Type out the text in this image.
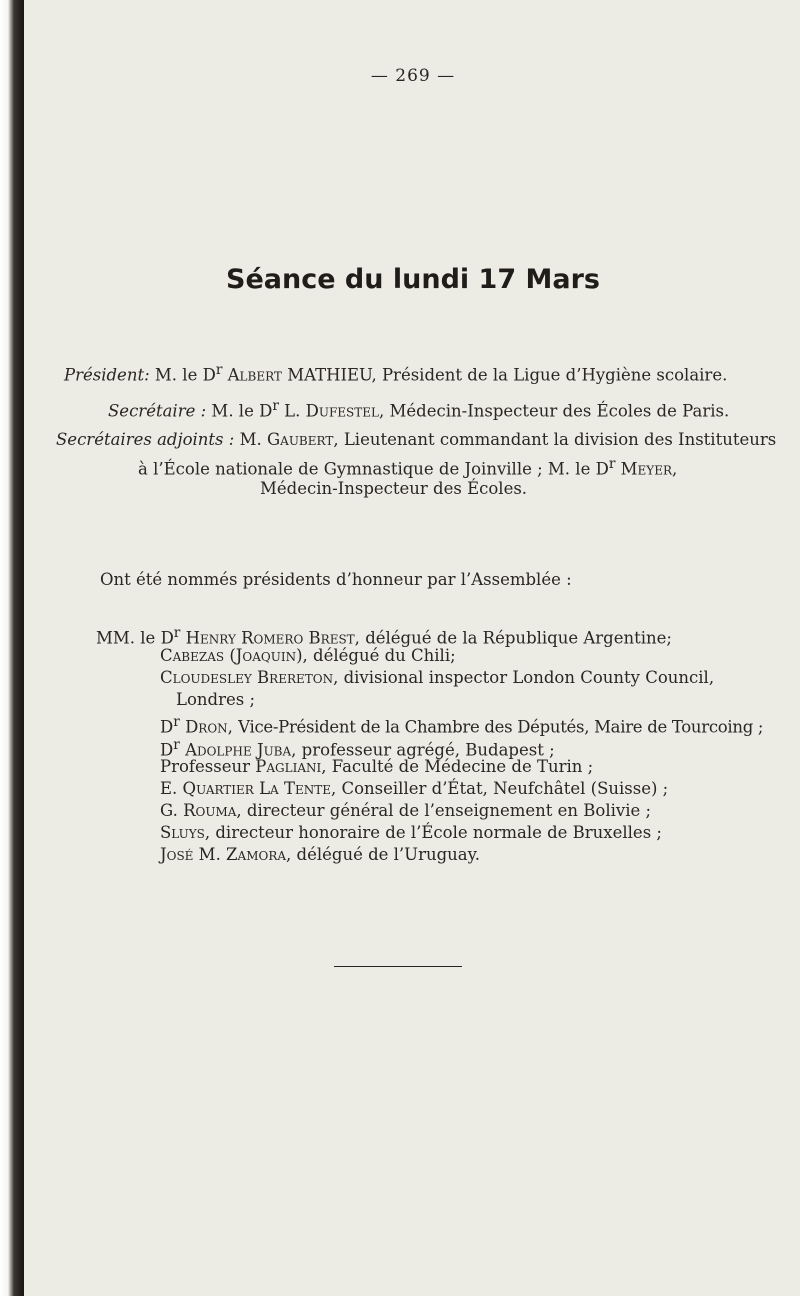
— 269 —
Séance du lundi 17 Mars
Président: M. le $D^r$ Albert MATHIEU, Président de la Ligue d’Hygiène scolaire.
Secrétaire : M. le $D^r$ L. Dufestel, Médecin-Inspecteur des Écoles de Paris.
Secrétaires adjoints : M. Gaubert, Lieutenant commandant la division des Instituteurs
à l’École nationale de Gymnastique de Joinville ; M. le $D^r$ Meyer,
Médecin-Inspecteur des Écoles.
Ont été nommés présidents d’honneur par l’Assemblée :
MM. le $D^r$ Henry Romero Brest, délégué de la République Argentine;
Cabezas (Joaquin), délégué du Chili;
Cloudesley Brereton, divisional inspector London County Council,
Londres ;
$D^r$ Dron, Vice-Président de la Chambre des Députés, Maire de Tourcoing ;
$D^r$ Adolphe Juba, professeur agrégé, Budapest ;
Professeur Pagliani, Faculté de Médecine de Turin ;
E. Quartier La Tente, Conseiller d’État, Neufchâtel (Suisse) ;
G. Rouma, directeur général de l’enseignement en Bolivie ;
Sluys, directeur honoraire de l’École normale de Bruxelles ;
José M. Zamora, délégué de l’Uruguay.
